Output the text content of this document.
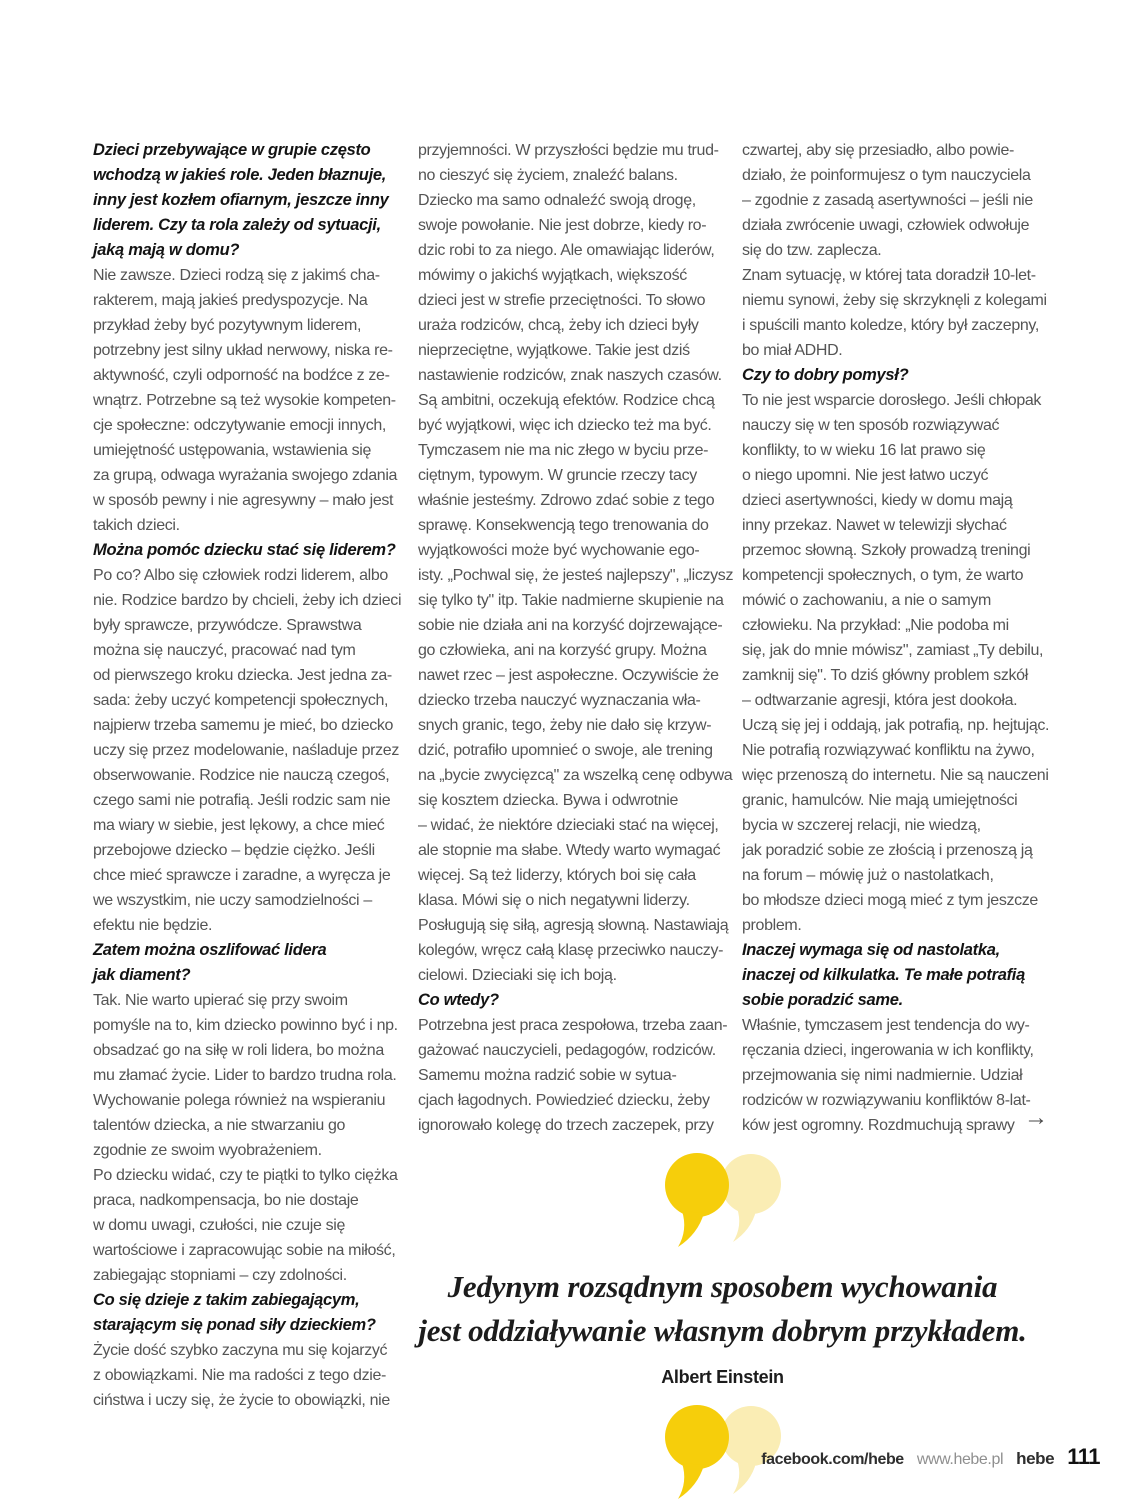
Dzieci przebywające w grupie często
wchodzą w jakieś role. Jeden błaznuje,
inny jest kozłem ofiarnym, jeszcze inny
liderem. Czy ta rola zależy od sytuacji,
jaką mają w domu?
Nie zawsze. Dzieci rodzą się z jakimś cha-
rakterem, mają jakieś predyspozycje. Na
przykład żeby być pozytywnym liderem,
potrzebny jest silny układ nerwowy, niska re-
aktywność, czyli odporność na bodźce z ze-
wnątrz. Potrzebne są też wysokie kompeten-
cje społeczne: odczytywanie emocji innych,
umiejętność ustępowania, wstawienia się
za grupą, odwaga wyrażania swojego zdania
w sposób pewny i nie agresywny – mało jest
takich dzieci.
Można pomóc dziecku stać się liderem?
Po co? Albo się człowiek rodzi liderem, albo
nie. Rodzice bardzo by chcieli, żeby ich dzieci
były sprawcze, przywódcze. Sprawstwa
można się nauczyć, pracować nad tym
od pierwszego kroku dziecka. Jest jedna za-
sada: żeby uczyć kompetencji społecznych,
najpierw trzeba samemu je mieć, bo dziecko
uczy się przez modelowanie, naśladuje przez
obserwowanie. Rodzice nie nauczą czegoś,
czego sami nie potrafią. Jeśli rodzic sam nie
ma wiary w siebie, jest lękowy, a chce mieć
przebojowe dziecko – będzie ciężko. Jeśli
chce mieć sprawcze i zaradne, a wyręcza je
we wszystkim, nie uczy samodzielności –
efektu nie będzie.
Zatem można oszlifować lidera
jak diament?
Tak. Nie warto upierać się przy swoim
pomyśle na to, kim dziecko powinno być i np.
obsadzać go na siłę w roli lidera, bo można
mu złamać życie. Lider to bardzo trudna rola.
Wychowanie polega również na wspieraniu
talentów dziecka, a nie stwarzaniu go
zgodnie ze swoim wyobrażeniem.
Po dziecku widać, czy te piątki to tylko ciężka
praca, nadkompensacja, bo nie dostaje
w domu uwagi, czułości, nie czuje się
wartościowe i zapracowując sobie na miłość,
zabiegając stopniami – czy zdolności.
Co się dzieje z takim zabiegającym,
starającym się ponad siły dzieckiem?
Życie dość szybko zaczyna mu się kojarzyć
z obowiązkami. Nie ma radości z tego dzie-
ciństwa i uczy się, że życie to obowiązki, nie
przyjemności. W przyszłości będzie mu trud-
no cieszyć się życiem, znaleźć balans.
Dziecko ma samo odnaleźć swoją drogę,
swoje powołanie. Nie jest dobrze, kiedy ro-
dzic robi to za niego. Ale omawiając liderów,
mówimy o jakichś wyjątkach, większość
dzieci jest w strefie przeciętności. To słowo
uraża rodziców, chcą, żeby ich dzieci były
nieprzeciętne, wyjątkowe. Takie jest dziś
nastawienie rodziców, znak naszych czasów.
Są ambitni, oczekują efektów. Rodzice chcą
być wyjątkowi, więc ich dziecko też ma być.
Tymczasem nie ma nic złego w byciu prze-
ciętnym, typowym. W gruncie rzeczy tacy
właśnie jesteśmy. Zdrowo zdać sobie z tego
sprawę. Konsekwencją tego trenowania do
wyjątkowości może być wychowanie ego-
isty. „Pochwal się, że jesteś najlepszy", „liczysz
się tylko ty" itp. Takie nadmierne skupienie na
sobie nie działa ani na korzyść dojrzewające-
go człowieka, ani na korzyść grupy. Można
nawet rzec – jest aspołeczne. Oczywiście że
dziecko trzeba nauczyć wyznaczania wła-
snych granic, tego, żeby nie dało się krzyw-
dzić, potrafiło upomnieć o swoje, ale trening
na „bycie zwycięzcą" za wszelką cenę odbywa
się kosztem dziecka. Bywa i odwrotnie
– widać, że niektóre dzieciaki stać na więcej,
ale stopnie ma słabe. Wtedy warto wymagać
więcej. Są też liderzy, których boi się cała
klasa. Mówi się o nich negatywni liderzy.
Posługują się siłą, agresją słowną. Nastawiają
kolegów, wręcz całą klasę przeciwko nauczy-
cielowi. Dzieciaki się ich boją.
Co wtedy?
Potrzebna jest praca zespołowa, trzeba zaan-
gażować nauczycieli, pedagogów, rodziców.
Samemu można radzić sobie w sytua-
cjach łagodnych. Powiedzieć dziecku, żeby
ignorowało kolegę do trzech zaczepek, przy
czwartej, aby się przesiadło, albo powie-
działo, że poinformujesz o tym nauczyciela
– zgodnie z zasadą asertywności – jeśli nie
działa zwrócenie uwagi, człowiek odwołuje
się do tzw. zaplecza.
Znam sytuację, w której tata doradził 10-let-
niemu synowi, żeby się skrzyknęli z kolegami
i spuścili manto koledze, który był zaczepny,
bo miał ADHD.
Czy to dobry pomysł?
To nie jest wsparcie dorosłego. Jeśli chłopak
nauczy się w ten sposób rozwiązywać
konflikty, to w wieku 16 lat prawo się
o niego upomni. Nie jest łatwo uczyć
dzieci asertywności, kiedy w domu mają
inny przekaz. Nawet w telewizji słychać
przemoc słowną. Szkoły prowadzą treningi
kompetencji społecznych, o tym, że warto
mówić o zachowaniu, a nie o samym
człowieku. Na przykład: „Nie podoba mi
się, jak do mnie mówisz", zamiast „Ty debilu,
zamknij się". To dziś główny problem szkół
– odtwarzanie agresji, która jest dookoła.
Uczą się jej i oddają, jak potrafią, np. hejtując.
Nie potrafią rozwiązywać konfliktu na żywo,
więc przenoszą do internetu. Nie są nauczeni
granic, hamulców. Nie mają umiejętności
bycia w szczerej relacji, nie wiedzą,
jak poradzić sobie ze złością i przenoszą ją
na forum – mówię już o nastolatkach,
bo młodsze dzieci mogą mieć z tym jeszcze
problem.
Inaczej wymaga się od nastolatka,
inaczej od kilkulatka. Te małe potrafią
sobie poradzić same.
Właśnie, tymczasem jest tendencja do wy-
ręczania dzieci, ingerowania w ich konflikty,
przejmowania się nimi nadmiernie. Udział
rodziców w rozwiązywaniu konfliktów 8-lat-
ków jest ogromny. Rozdmuchują sprawy →
Jedynym rozsądnym sposobem wychowania
jest oddziaływanie własnym dobrym przykładem.
Albert Einstein
facebook.com/hebe www.hebe.pl hebe 111
